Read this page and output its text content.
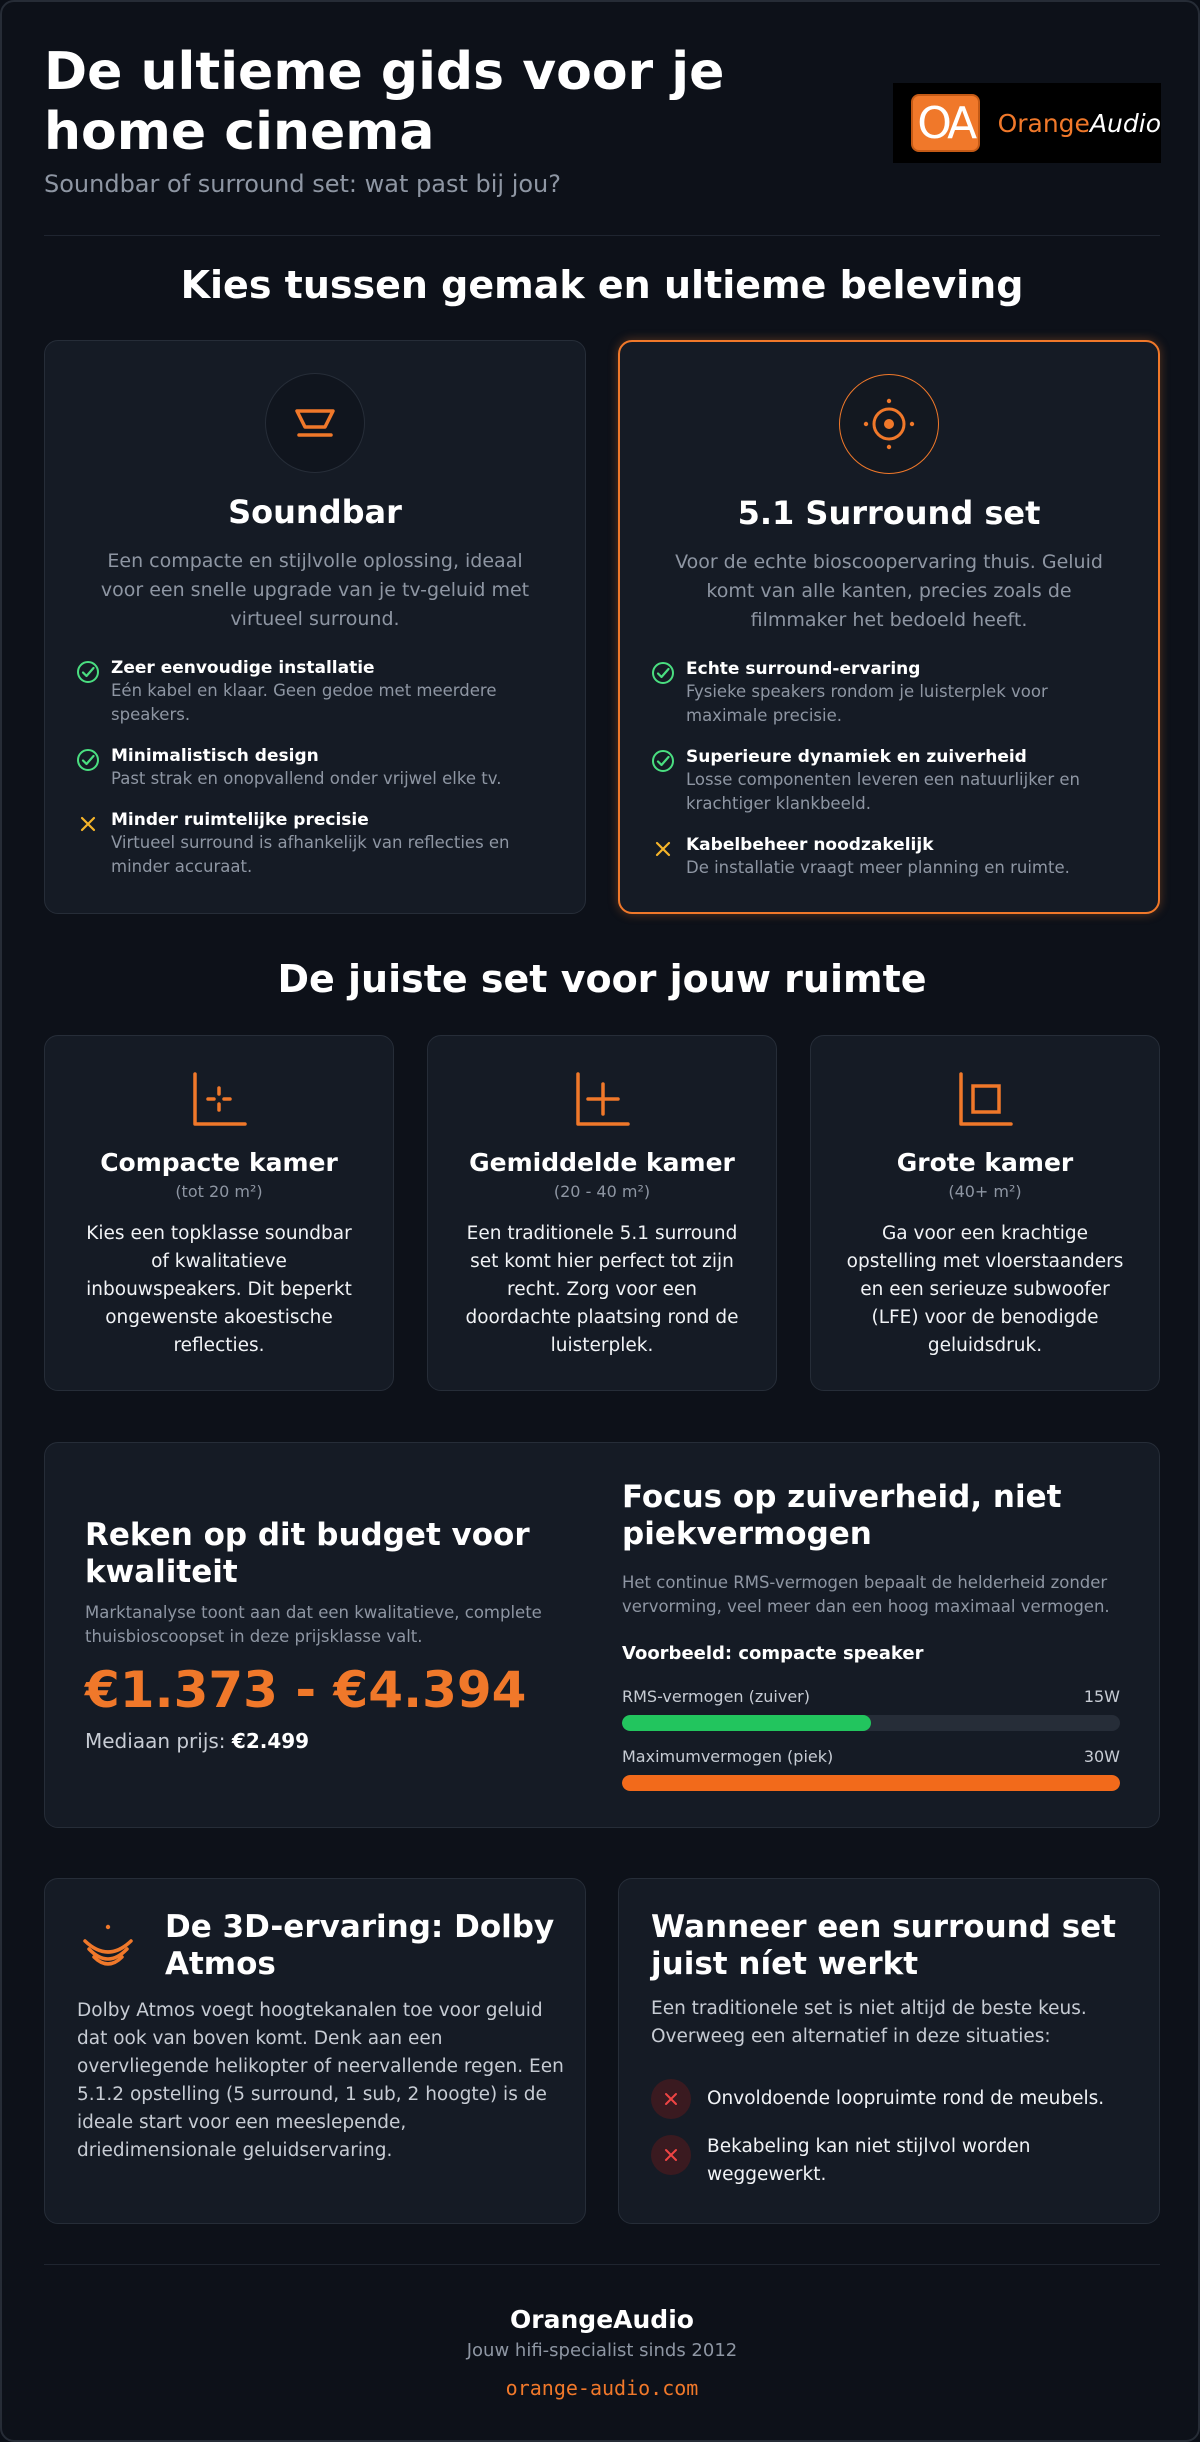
De ultieme gids voor je home cinema
Soundbar of surround set: wat past bij jou?
OA OrangeAudio
Kies tussen gemak en ultieme beleving
Soundbar
Een compacte en stijlvolle oplossing, ideaal voor een snelle upgrade van je tv-geluid met virtueel surround.
Zeer eenvoudige installatie
Eén kabel en klaar. Geen gedoe met meerdere speakers.
Minimalistisch design
Past strak en onopvallend onder vrijwel elke tv.
Minder ruimtelijke precisie
Virtueel surround is afhankelijk van reflecties en minder accuraat.
5.1 Surround set
Voor de echte bioscoopervaring thuis. Geluid komt van alle kanten, precies zoals de filmmaker het bedoeld heeft.
Echte surround-ervaring
Fysieke speakers rondom je luisterplek voor maximale precisie.
Superieure dynamiek en zuiverheid
Losse componenten leveren een natuurlijker en krachtiger klankbeeld.
Kabelbeheer noodzakelijk
De installatie vraagt meer planning en ruimte.
De juiste set voor jouw ruimte
Compacte kamer
(tot 20 m²)
Kies een topklasse soundbar of kwalitatieve inbouwspeakers. Dit beperkt ongewenste akoestische reflecties.
Gemiddelde kamer
(20 - 40 m²)
Een traditionele 5.1 surround set komt hier perfect tot zijn recht. Zorg voor een doordachte plaatsing rond de luisterplek.
Grote kamer
(40+ m²)
Ga voor een krachtige opstelling met vloerstaanders en een serieuze subwoofer (LFE) voor de benodigde geluidsdruk.
Reken op dit budget voor kwaliteit
Marktanalyse toont aan dat een kwalitatieve, complete thuisbioscoopset in deze prijsklasse valt.
€1.373 - €4.394
Mediaan prijs: €2.499
Focus op zuiverheid, niet piekvermogen
Het continue RMS-vermogen bepaalt de helderheid zonder vervorming, veel meer dan een hoog maximaal vermogen.
Voorbeeld: compacte speaker
RMS-vermogen (zuiver)	15W
Maximumvermogen (piek)	30W
De 3D-ervaring: Dolby Atmos
Dolby Atmos voegt hoogtekanalen toe voor geluid dat ook van boven komt. Denk aan een overvliegende helikopter of neervallende regen. Een 5.1.2 opstelling (5 surround, 1 sub, 2 hoogte) is de ideale start voor een meeslepende, driedimensionale geluidservaring.
Wanneer een surround set juist níet werkt
Een traditionele set is niet altijd de beste keus. Overweeg een alternatief in deze situaties:
Onvoldoende loopruimte rond de meubels.
Bekabeling kan niet stijlvol worden weggewerkt.
OrangeAudio
Jouw hifi-specialist sinds 2012
orange-audio.com
